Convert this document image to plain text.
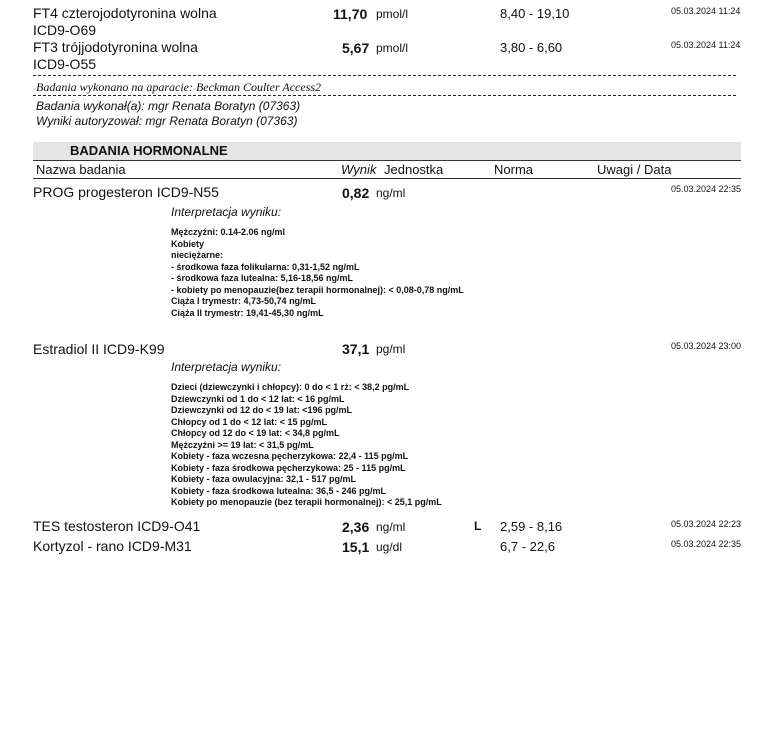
FT4 czterojodotyronina wolna
ICD9-O69
11,70 pmol/l	8,40 - 19,10	05.03.2024 11:24
FT3 trójjodotyronina wolna
ICD9-O55
5,67 pmol/l	3,80 - 6,60	05.03.2024 11:24
Badania wykonano na aparacie: Beckman Coulter Access2
Badania wykonał(a): mgr Renata Boratyn (07363)
Wyniki autoryzował: mgr Renata Boratyn (07363)
BADANIA HORMONALNE
Nazwa badania	Wynik Jednostka	Norma	Uwagi / Data
PROG progesteron ICD9-N55	0,82 ng/ml	05.03.2024 22:35
Interpretacja wyniku:
Mężczyźni: 0.14-2.06 ng/ml
Kobiety
nieciężarne:
- środkowa faza folikularna: 0,31-1,52 ng/mL
- środkowa faza lutealna: 5,16-18,56 ng/mL
- kobiety po menopauzie(bez terapii hormonalnej): < 0,08-0,78 ng/mL
Ciąża I trymestr: 4,73-50,74 ng/mL
Ciąża II trymestr: 19,41-45,30 ng/mL
Estradiol II ICD9-K99	37,1 pg/ml	05.03.2024 23:00
Interpretacja wyniku:
Dzieci (dziewczynki i chłopcy): 0 do < 1 rż: < 38,2 pg/mL
Dziewczynki od 1 do < 12 lat: < 16 pg/mL
Dziewczynki od 12 do < 19 lat: <196 pg/mL
Chłopcy od 1 do < 12 lat: < 15 pg/mL
Chłopcy od 12 do < 19 lat: < 34,8 pg/mL
Mężczyźni >= 19 lat: < 31,5 pg/mL
Kobiety - faza wczesna pęcherzykowa: 22,4 - 115 pg/mL
Kobiety - faza środkowa pęcherzykowa: 25 - 115 pg/mL
Kobiety - faza owulacyjna: 32,1 - 517 pg/mL
Kobiety - faza środkowa lutealna: 36,5 - 246 pg/mL
Kobiety po menopauzie (bez terapii hormonalnej): < 25,1 pg/mL
TES testosteron ICD9-O41	2,36 ng/ml	L 2,59 - 8,16	05.03.2024 22:23
Kortyzol - rano ICD9-M31	15,1 ug/dl	6,7 - 22,6	05.03.2024 22:35
